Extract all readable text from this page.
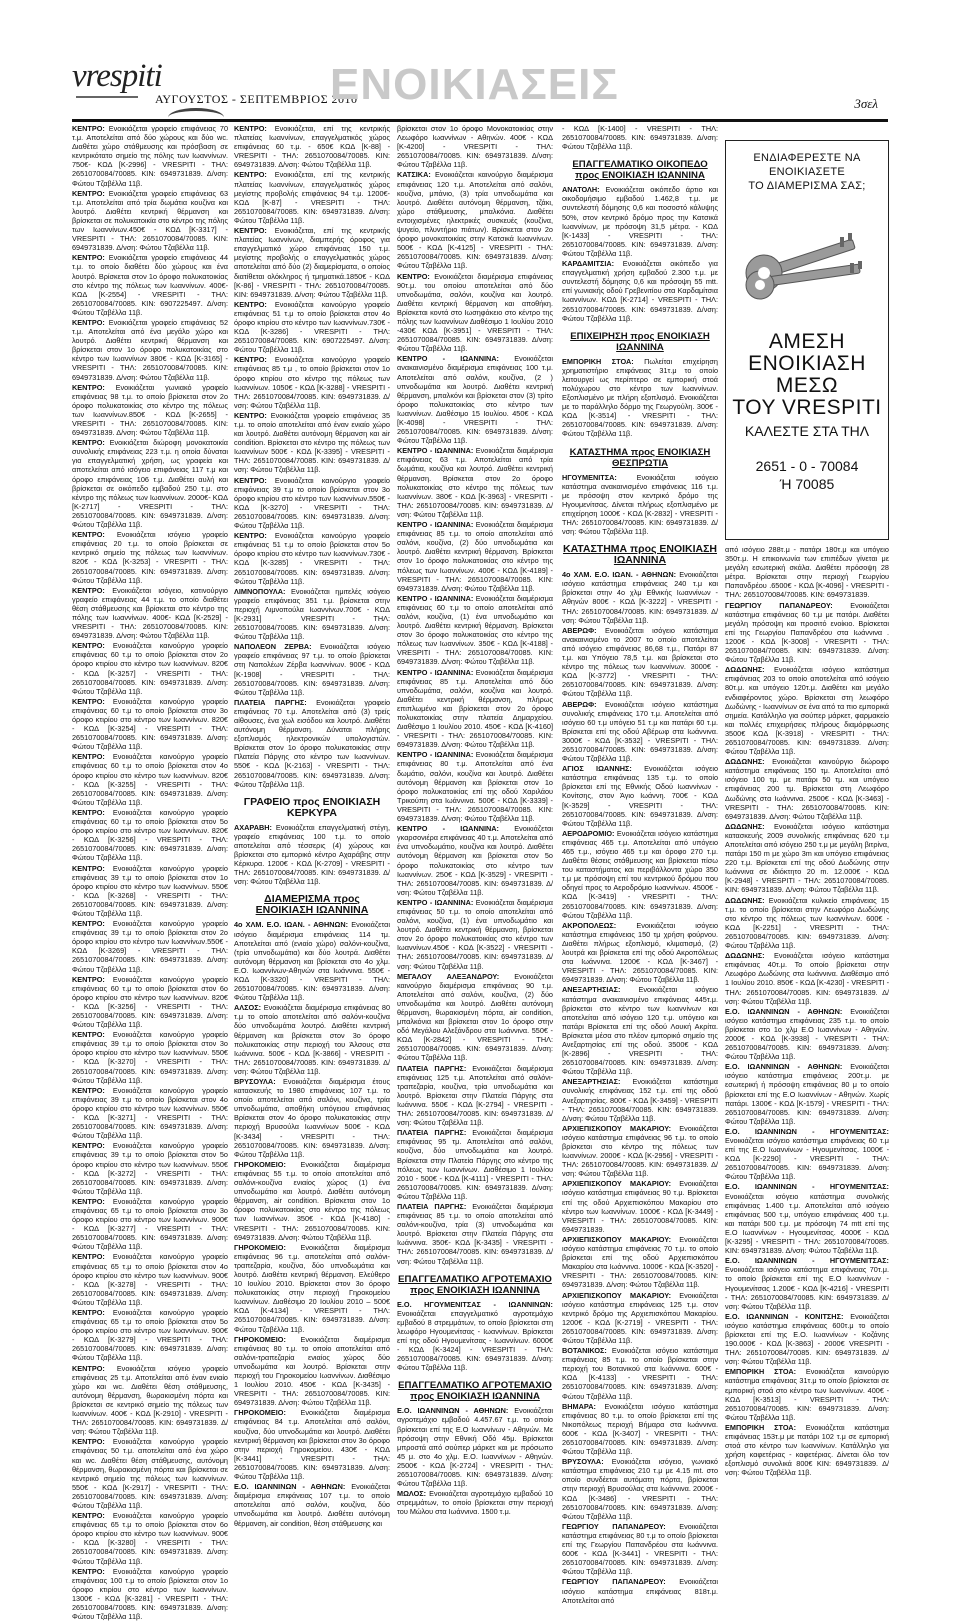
vrespiti
ΑΥΓΟΥΣΤΟΣ - ΣΕΠΤΕΜΒΡΙΟΣ 2010
ΕΝΟΙΚΙΑΣΕΙΣ	3σελ

ΚΕΝΤΡΟ: Ενοικιάζεται γραφείο επιφάνειας 70 τ.μ. Αποτελείται από δύο χώρους και δύο wc. Διαθέτει χώρο στάθμευσης και πρόσβαση σε κεντρικότατο σημείο της πόλης των Ιωαννίνων. 750€- ΚΩΔ [Κ-2996] - VRESPITI - ΤΗΛ: 2651070084/70085. ΚΙΝ: 6949731839. Δ/νση: Φώτου Τζαβέλλα 11β.

ΚΕΝΤΡΟ: Ενοικιάζεται γραφείο επιφάνειας 63 τ.μ. Αποτελείται από τρία δωμάτια κουζίνα και λουτρό. Διαθέτει κεντρική θέρμανση και βρίσκεται σε πολυκατοικία στο κέντρο της πόλης των Ιωαννίνων.450€ - ΚΩΔ [Κ-3317] - VRESPITI - ΤΗΛ: 2651070084/70085. ΚΙΝ: 6949731839. Δ/νση: Φώτου Τζαβέλλα 11β.

ΚΕΝΤΡΟ: Ενοικιάζεται γραφείο επιφάνειας 44 τ.μ. το οποίο διαθέτει δύο χώρους και ένα λουτρό. Βρίσκεται στον 1ο όροφο πολυκατοικίας στο κέντρο της πόλεως των Ιωαννίνων. 400€- ΚΩΔ [Κ-2554] - VRESPITI - ΤΗΛ: 2651070084/70085. ΚΙΝ: 6907225497. Δ/νση: Φώτου Τζαβέλλα 11β.

ΚΕΝΤΡΟ: Ενοικιάζεται γραφείο επιφάνειας 52 τ.μ. Αποτελείται από ένα μεγάλο χώρο και λουτρό. Διαθέτει κεντρική θέρμανση και βρίσκεται στον 1ο όροφο πολυκατοικίας στο κέντρο των Ιωαννίνων 380€ - ΚΩΔ [Κ-3165] - VRESPITI - ΤΗΛ: 2651070084/70085. ΚΙΝ: 6949731839. Δ/νση: Φώτου Τζαβέλλα 11β.

ΚΕΝΤΡΟ: Ενοικιάζεται γωνιακό γραφείο επιφάνειας 98 τ.μ. το οποίο βρίσκεται στον 2ο όροφο πολυκατοικίας στο κέντρο της πόλεως των Ιωαννίνων.850€ - ΚΩΔ [Κ-2655] - VRESPITI - ΤΗΛ: 2651070084/70085. ΚΙΝ: 6949731839. Δ/νση: Φώτου Τζαβέλλα 11β.

ΚΕΝΤΡΟ: Ενοικιάζεται διώροφη μονοκατοικία συνολικής επιφάνειας 223 τ.μ. η οποία δύναται για επαγγελματική χρήση, ως γραφεία και αποτελείται από ισόγειο επιφάνειας 117 τ.μ και όροφο επιφάνειας 106 τ.μ. Διαθέτει αυλή και βρίσκεται σε οικόπεδο εμβαδού 250 τ.μ. στο κέντρο της πόλεως των Ιωαννίνων. 2000€- ΚΩΔ [Κ-2717] - VRESPITI - ΤΗΛ: 2651070084/70085. ΚΙΝ: 6949731839. Δ/νση: Φώτου Τζαβέλλα 11β.

ΚΕΝΤΡΟ: Ενοικιάζεται ισόγειο γραφείο επιφάνειας 20 τ.μ. το οποίο βρίσκεται σε κεντρικό σημείο της πόλεως των Ιωαννίνων. 820€ - ΚΩΔ [Κ-3253] - VRESPITI - ΤΗΛ: 2651070084/70085. ΚΙΝ: 6949731839. Δ/νση: Φώτου Τζαβέλλα 11β.

ΚΕΝΤΡΟ: Ενοικιάζεται ισόγειο, κατινούργιο γραφείο επιφάνειας 44 τ.μ. το οποίο διαθέτει θέση στάθμευσης και βρίσκεται στο κέντρο της πόλης των Ιωαννίνων. 400€- ΚΩΔ [Κ-2529] - VRESPITI - ΤΗΛ: 2651070084/70085. ΚΙΝ: 6949731839. Δ/νση: Φώτου Τζαβέλλα 11β.

ΚΕΝΤΡΟ: Ενοικιάζεται καινούργιο γραφείο επιφάνειας 60 τ.μ το οποίο βρίσκεται στον 2ο όροφο κτιρίου στο κέντρο των Ιωαννίνων. 820€ - ΚΩΔ [Κ-3257] - VRESPITI - ΤΗΛ: 2651070084/70085. ΚΙΝ: 6949731839. Δ/νση: Φώτου Τζαβέλλα 11β.

ΚΕΝΤΡΟ: Ενοικιάζεται καινούργιο γραφείο επιφάνειας 60 τ.μ το οποίο βρίσκεται στον 3ο όροφο κτιρίου στο κέντρο των Ιωαννίνων. 820€ - ΚΩΔ [Κ-3254] - VRESPITI - ΤΗΛ: 2651070084/70085. ΚΙΝ: 6949731839. Δ/νση: Φώτου Τζαβέλλα 11β.

ΚΕΝΤΡΟ: Ενοικιάζεται καινούργιο γραφείο επιφάνειας 60 τ.μ το οποίο βρίσκεται στον 4ο όροφο κτιρίου στο κέντρο των Ιωαννίνων. 820€ - ΚΩΔ [Κ-3255] - VRESPITI - ΤΗΛ: 2651070084/70085. ΚΙΝ: 6949731839. Δ/νση: Φώτου Τζαβέλλα 11β.

ΚΕΝΤΡΟ: Ενοικιάζεται καινούργιο γραφείο επιφάνειας 60 τ.μ το οποίο βρίσκεται στον 5ο όροφο κτιρίου στο κέντρο των Ιωαννίνων. 820€ - ΚΩΔ [Κ-3256] - VRESPITI - ΤΗΛ: 2651070084/70085. ΚΙΝ: 6949731839. Δ/νση: Φώτου Τζαβέλλα 11β.

ΚΕΝΤΡΟ: Ενοικιάζεται καινούργιο γραφείο επιφάνειας 39 τ.μ το οποίο βρίσκεται στον 1ο όροφο κτιρίου στο κέντρο των Ιωαννίνων. 550€ - ΚΩΔ [Κ-3268] - VRESPITI - ΤΗΛ: 2651070084/70085. ΚΙΝ: 6949731839. Δ/νση: Φώτου Τζαβέλλα 11β.

ΚΕΝΤΡΟ: Ενοικιάζεται καινούργιο γραφείο επιφάνειας 39 τ.μ το οποίο βρίσκεται στον 2ο όροφο κτιρίου στο κέντρο των Ιωαννίνων.550€ - ΚΩΔ [Κ-3269] - VRESPITI - ΤΗΛ: 2651070084/70085. ΚΙΝ: 6949731839. Δ/νση: Φώτου Τζαβέλλα 11β.

ΚΕΝΤΡΟ: Ενοικιάζεται καινούργιο γραφείο επιφάνειας 60 τ.μ το οποίο βρίσκεται στον 6ο όροφο κτιρίου στο κέντρο των Ιωαννίνων. 820€ - ΚΩΔ [Κ-3256] - VRESPITI - ΤΗΛ: 2651070084/70085. ΚΙΝ: 6949731839. Δ/νση: Φώτου Τζαβέλλα 11β.

ΚΕΝΤΡΟ: Ενοικιάζεται καινούργιο γραφείο επιφάνειας 39 τ.μ το οποίο βρίσκεται στον 3ο όροφο κτιρίου στο κέντρο των Ιωαννίνων. 550€ - ΚΩΔ [Κ-3270] - VRESPITI - ΤΗΛ: 2651070084/70085. ΚΙΝ: 6949731839. Δ/νση: Φώτου Τζαβέλλα 11β.

ΚΕΝΤΡΟ: Ενοικιάζεται καινούργιο γραφείο επιφάνειας 39 τ.μ το οποίο βρίσκεται στον 4ο όροφο κτιρίου στο κέντρο των Ιωαννίνων. 550€ - ΚΩΔ [Κ-3271] - VRESPITI - ΤΗΛ: 2651070084/70085. ΚΙΝ: 6949731839. Δ/νση: Φώτου Τζαβέλλα 11β.

ΚΕΝΤΡΟ: Ενοικιάζεται καινούργιο γραφείο επιφάνειας 39 τ.μ το οποίο βρίσκεται στον 5ο όροφο κτιρίου στο κέντρο των Ιωαννίνων. 550€ - ΚΩΔ [Κ-3272] - VRESPITI - ΤΗΛ: 2651070084/70085. ΚΙΝ: 6949731839. Δ/νση: Φώτου Τζαβέλλα 11β.

ΚΕΝΤΡΟ: Ενοικιάζεται καινούργιο γραφείο επιφάνειας 65 τ.μ το οποίο βρίσκεται στον 3ο όροφο κτιρίου στο κέντρο των Ιωαννίνων. 900€ - ΚΩΔ [Κ-3277] - VRESPITI - ΤΗΛ: 2651070084/70085. ΚΙΝ: 6949731839. Δ/νση: Φώτου Τζαβέλλα 11β.

ΚΕΝΤΡΟ: Ενοικιάζεται καινούργιο γραφείο επιφάνειας 65 τ.μ το οποίο βρίσκεται στον 4ο όροφο κτιρίου στο κέντρο των Ιωαννίνων. 900€ - ΚΩΔ [Κ-3278] - VRESPITI - ΤΗΛ: 2651070084/70085. ΚΙΝ: 6949731839. Δ/νση: Φώτου Τζαβέλλα 11β.

ΚΕΝΤΡΟ: Ενοικιάζεται καινούργιο γραφείο επιφάνειας 65 τ.μ το οποίο βρίσκεται στον 5ο όροφο κτιρίου στο κέντρο των Ιωαννίνων. 900€ - ΚΩΔ [Κ-3279] - VRESPITI - ΤΗΛ: 2651070084/70085. ΚΙΝ: 6949731839. Δ/νση: Φώτου Τζαβέλλα 11β.

ΚΕΝΤΡΟ: Ενοικιάζεται ισόγειο γραφείο επιφάνειας 25 τ.μ. Αποτελείται από έναν ενιαίο χώρο και wc. Διαθέτει θέση στάθμευσης, αυτόνομη θέρμανση, θωρακισμένη πόρτα και βρίσκεται σε κεντρικό σημείο της πόλεως των Ιωαννίνων. 400€ - ΚΩΔ [Κ-2910] - VRESPITI - ΤΗΛ: 2651070084/70085. ΚΙΝ: 6949731839. Δ/νση: Φώτου Τζαβέλλα 11β.

ΚΕΝΤΡΟ: Ενοικιάζεται καινούργιο γραφείο επιφάνειας 50 τ.μ. αποτελείται από ένα χώρο και wc. Διαθέτει θέση στάθμευσης, αυτόνομη θέρμανση, θωρακισμένη πόρτα και βρίσκεται σε κεντρικό σημείο της πόλεως των Ιωαννίνων. 550€ - ΚΩΔ [Κ-2917] - VRESPITI - ΤΗΛ: 2651070084/70085. ΚΙΝ: 6949731839. Δ/νση: Φώτου Τζαβέλλα 11β.

ΚΕΝΤΡΟ: Ενοικιάζεται καινούργιο γραφείο επιφάνειας 65 τ.μ το οποίο βρίσκεται στον 6ο όροφο κτιρίου στο κέντρο των Ιωαννίνων. 900€ - ΚΩΔ [Κ-3280] - VRESPITI - ΤΗΛ: 2651070084/70085. ΚΙΝ: 6949731839. Δ/νση: Φώτου Τζαβέλλα 11β.

ΚΕΝΤΡΟ: Ενοικιάζεται καινούργιο γραφείο επιφάνειας 100 τ.μ το οποίο βρίσκεται στον 1ο όροφο κτιρίου στο κέντρο των Ιωαννίνων. 1300€ - ΚΩΔ [Κ-3281] - VRESPITI - ΤΗΛ: 2651070084/70085. ΚΙΝ: 6949731839. Δ/νση: Φώτου Τζαβέλλα 11β.

ΚΕΝΤΡΟ: Ενοικιάζεται, επί της κεντρικής πλατείας Ιωαννίνων, επαγγελματικός χώρος επιφάνειας 60 τ.μ. - 650€ ΚΩΔ [Κ-88] - VRESPITI - ΤΗΛ: 2651070084/70085. ΚΙΝ: 6949731839. Δ/νση: Φώτου Τζαβέλλα 11β.

ΚΕΝΤΡΟ: Ενοικιάζεται, επί της κεντρικής πλατείας Ιωαννίνων, επαγγελματικός χώρος μεγίστης προβολής επιφάνειας 94 τ.μ. 1200€- ΚΩΔ [Κ-87] - VRESPITI - ΤΗΛ: 2651070084/70085. ΚΙΝ: 6949731839. Δ/νση: Φώτου Τζαβέλλα 11β.

ΚΕΝΤΡΟ: Ενοικιάζεται, επί της κεντρικής πλατείας Ιωαννίνων, διαμπερής όροφος για επαγγελματικό χώρο επιφάνειας 150 τ.μ. μεγίστης προβολής ο επαγγελματικός χώρος αποτελείται από δύο (2) διαμερίσματα, ο οποίος διατίθεται ολόκληρος ή τμηματικά.1850€ - ΚΩΔ [Κ-86] - VRESPITI - ΤΗΛ: 2651070084/70085. ΚΙΝ: 6949731839. Δ/νση: Φώτου Τζαβέλλα 11β.

ΚΕΝΤΡΟ: Ενοικιάζεται καινούργιο γραφείο επιφάνειας 51 τ.μ το οποίο βρίσκεται στον 4ο όροφο κτιρίου στο κέντρο των Ιωαννίνων.730€ - ΚΩΔ [Κ-3286] - VRESPITI - ΤΗΛ: 2651070084/70085. ΚΙΝ: 6907225497. Δ/νση: Φώτου Τζαβέλλα 11β.

ΚΕΝΤΡΟ: Ενοικιάζεται καινούργιο γραφείο επιφάνειας 85 τ.μ , το οποίο βρίσκεται στον 1ο όροφο κτιρίου στο κέντρο της πόλεως των Ιωαννίνων. 1050€ - ΚΩΔ [Κ-3288] - VRESPITI - ΤΗΛ: 2651070084/70085. ΚΙΝ: 6949731839. Δ/νση: Φώτου Τζαβέλλα 11β.

ΚΕΝΤΡΟ: Ενοικιάζεται γραφείο επιφάνειας 35 τ.μ. το οποίο αποτελείται από έναν ενιαίο χώρο και λουτρό. Διαθέτει αυτόνομη θέρμανση και air condition. Βρίσκεται στο κέντρο της πόλεως των Ιωαννίνων 500€ - ΚΩΔ [Κ-3395] - VRESPITI - ΤΗΛ: 2651070084/70085. ΚΙΝ: 6949731839. Δ/νση: Φώτου Τζαβέλλα 11β.

ΚΕΝΤΡΟ: Ενοικιάζεται καινούργιο γραφείο επιφάνειας 39 τ.μ το οποίο βρίσκεται στον 3ο όροφο κτιρίου στο κέντρο των Ιωαννίνων.550€ - ΚΩΔ [Κ-3270] - VRESPITI - ΤΗΛ: 2651070084/70085. ΚΙΝ: 6949731839. Δ/νση: Φώτου Τζαβέλλα 11β.

ΚΕΝΤΡΟ: Ενοικιάζεται καινούργιο γραφείο επιφάνειας 51 τ.μ το οποίο βρίσκεται στον 5ο όροφο κτιρίου στο κέντρο των Ιωαννίνων.730€ - ΚΩΔ [Κ-3285] - VRESPITI - ΤΗΛ: 2651070084/70085. ΚΙΝ: 6949731839. Δ/νση: Φώτου Τζαβέλλα 11β.

ΛΙΜΝΟΠΟΥΛΑ: Ενοικιάζεται ημιτελές ισόγειο γραφείο επιφάνειας 351 τ.μ. βρίσκεται στην περιοχή Λιμνοπούλα Ιωαννίνων.700€ - ΚΩΔ [Κ-2931] - VRESPITI - ΤΗΛ: 2651070084/70085. ΚΙΝ: 6949731839. Δ/νση: Φώτου Τζαβέλλα 11β.

ΝΑΠΟΛΕΟΝ ΖΕΡΒΑ: Ενοικιάζεται ισόγειο γραφείο επιφάνειας 97 τ.μ. το οποίο βρίσκεται στη Ναπολέων Ζέρβα Ιωαννίνων. 900€ - ΚΩΔ [Κ-1908] - VRESPITI - ΤΗΛ: 2651070084/70085. ΚΙΝ: 6949731839. Δ/νση: Φώτου Τζαβέλλα 11β.

ΠΛΑΤΕΙΑ ΠΑΡΓΗΣ: Ενοικιάζεται γραφείο επιφάνειας 70 τ.μ. Αποτελείται από (3) τρείς αίθουσες, ένα χωλ εισόδου και λουτρό. Διαθέτει αυτόνομη θέρμανση. Δύναται πλήρης εξοπλισμός ηλεκτρονικών υπολογιστών. Βρίσκεται στον 1ο όροφο πολυκατοικίας στην Πλατεία Πάργης στο κέντρο των Ιωαννίνων. 550€ - ΚΩΔ [Κ-2163] - VRESPITI - ΤΗΛ: 2651070084/70085. ΚΙΝ: 6949731839. Δ/νση: Φώτου Τζαβέλλα 11β.

ΓΡΑΦΕΙΟ προς ΕΝΟΙΚΙΑΣΗ ΚΕΡΚΥΡΑ

ΑΧΑΡΑΒΗ: Ενοικιάζεται επαγγελματική στέγη, γραφείο επιφάνειας 100 τ.μ. το οποίο αποτελείται από τέσσερις (4) χώρους και βρίσκεται στο εμπορικό κέντρο Αχαράβης στην Κέρκυρα. 1200€ - ΚΩΔ [Κ-2709] - VRESPITI - ΤΗΛ: 2651070084/70085. ΚΙΝ: 6949731839. Δ/νση: Φώτου Τζαβέλλα 11β.

ΔΙΑΜΕΡΙΣΜΑ προς ΕΝΟΙΚΙΑΣΗ ΙΩΑΝΝΙΝΑ

4ο ΧΛΜ. Ε.Ο. ΙΩΑΝ. - ΑΘΗΝΩΝ: Ενοικιάζεται ισόγειο διαμέρισμα επιφάνειας 114 τμ. Αποτελείται από (ενιαίο χώρο) σαλόνι-κουζίνα, (τρία υπνοδωμάτια) και δύο λουτρά. Διαθέτει αυτόνομη θέρμανση και βρίσκεται στο 4ο χλμ. Ε.Ο. Ιωαννίνων-Αθηνών στα Ιωάννινα. 550€ - ΚΩΔ [Κ-3320] - VRESPITI - ΤΗΛ: 2651070084/70085. ΚΙΝ: 6949731839. Δ/νση: Φώτου Τζαβέλλα 11β.

ΑΛΣΟΣ: Ενοικιάζεται διαμέρισμα επιφάνειας 80 τ.μ το οποίο αποτελείται από σαλόνι-κουζίνα δύο υπνοδωμάτια λουτρό. Διαθέτει κεντρική θέρμανση και βρίσκεται στον 3ο όροφο πολυκατοικίας στην περιοχή του Άλσους στα Ιωάννινα. 500€ - ΚΩΔ [Κ-3866] - VRESPITI - ΤΗΛ: 2651070084/70085. ΚΙΝ: 6949731839. Δ/νση: Φώτου Τζαβέλλα 11β.

ΒΡΥΣΟΥΛΑ: Ενοικιάζεται διαμέρισμα έτους κατασκευής το 1980 επιφάνειας 107 τ.μ. το οποίο αποτελείται από σαλόνι, κουζίνα, τρία υπνοδωμάτια, αποθήκη υπόγειου επιφάνειας Βρίσκεται στον 4ο όροφο πολυκατοικίας στην περιοχή Βρυσούλα Ιωαννίνων 500€ - ΚΩΔ [Κ-3434] - VRESPITI - ΤΗΛ: 2651070084/70085. ΚΙΝ: 6949731839. Δ/νση: Φώτου Τζαβέλλα 11β.

ΓΗΡΟΚΟΜΕΙΟ: Ενοικιάζεται διαμέρισμα επιφάνειας 55 τ.μ. το οποίο αποτελείται από σαλόνι-κουζίνα ενιαίος χώρος (1) ένα υπνοδωμάτιο και λουτρό. Διαθέτει αυτόνομη θέρμανση, air condition. Βρίσκεται στον 1ο όροφο πολυκατοικίας στο κέντρο της πόλεως των Ιωαννίνων. 350€ - ΚΩΔ [Κ-4180] - VRESPITI - ΤΗΛ: 2651070084/70085. ΚΙΝ: 6949731839. Δ/νση: Φώτου Τζαβέλλα 11β.

ΓΗΡΟΚΟΜΕΙΟ: Ενοικιάζεται διαμέρισμα επιφάνειας 96 τ.μ. αποτελείται από σαλόνι-τραπεζαρία, κουζίνα, δύο υπνοδωμάτια και λουτρό. Διαθέτει κεντρική θέρμανση. Ελεύθερο 10 Ιουλίου 2010. Βρίσκεται στον 3ο όροφο πολυκατοικίας στην περιοχή Γηροκομείου Ιωαννίνων. Διαθέσιμο 20 Ιουλίου 2010 – 500€ ΚΩΔ [Κ-4134] - VRESPITI - ΤΗΛ: 2651070084/70085. ΚΙΝ: 6949731839. Δ/νση: Φώτου Τζαβέλλα 11β.

ΓΗΡΟΚΟΜΕΙΟ: Ενοικιάζεται διαμέρισμα επιφάνειας 80 τ.μ. το οποίο αποτελείται από σαλόνι-τραπεζαρία ενιαίος χώρος δύο υπνοδωμάτια και λουτρό. Βρίσκεται στην περιοχή του Γηροκομείου Ιωαννίνων. Διαθέσιμο 1 Ιουλίου 2010. 450€ - ΚΩΔ [Κ-3435] - VRESPITI - ΤΗΛ: 2651070084/70085. ΚΙΝ: 6949731839. Δ/νση: Φώτου Τζαβέλλα 11β.

ΓΗΡΟΚΟΜΕΙΟ: Ενοικιάζεται διαμέρισμα επιφάνειας 84 τ.μ. Αποτελείται από σαλόνι, κουζίνα, δύο υπνοδωμάτια και λουτρό. Διαθέτει κεντρική θέρμανση και βρίσκεται στον 3ο όροφο στην περιοχή Γηροκομείου. 430€ - ΚΩΔ [Κ-3441] - VRESPITI - ΤΗΛ: 2651070084/70085. ΚΙΝ: 6949731839. Δ/νση: Φώτου Τζαβέλλα 11β.

Ε.Ο. ΙΩΑΝΝΙΝΩΝ - ΑΘΗΝΩΝ: Ενοικιάζεται διαμέρισμα επιφάνειας 107 τ.μ. το οποίο αποτελείται από σαλόνι, κουζίνα, δύο υπνοδωμάτια και λουτρό. Διαθέτει αυτόνομη θέρμανση, air condition, θέση στάθμευσης και

βρίσκεται στον 1ο όροφο Μονοκατοικίας στην Λεωφόρο Ιωαννίνων - Αθηνών. 400€ - ΚΩΔ [Κ-4200] - VRESPITI - ΤΗΛ: 2651070084/70085. ΚΙΝ: 6949731839. Δ/νση: Φώτου Τζαβέλλα 11β.

ΚΑΤΣΙΚΑ: Ενοικιάζεται καινούργιο διαμέρισμα επιφάνειας 120 τ.μ. Αποτελείται από σαλόνι, κουζίνα, μπάνιο, (3) τρία υπνοδωμάτια και λουτρό. Διαθέτει αυτόνομη θέρμανση, τζάκι, χώρο στάθμευσης, μπαλκόνια. Διαθέτει εντοιχισμένες ηλεκτρικές συσκευές (κουζίνα, ψυγείο, πλυντήριο πιάτων). Βρίσκεται στον 2ο όροφο μονοκατοικίας στην Κατσικά Ιωαννίνων. 500€ - ΚΩΔ [Κ-4125] - VRESPITI - ΤΗΛ: 2651070084/70085. ΚΙΝ: 6949731839. Δ/νση: Φώτου Τζαβέλλα 11β.

ΚΕΝΤΡΟ: Ενοικιάζεται διαμέρισμα επιφάνειας 90τ.μ. του οποίου αποτελείται από δύο υπνοδωμάτια, σαλόνι, κουζίνα και λουτρό. Διαθέτει κεντρική θέρμανση και αποθήκη. Βρίσκεται κοντά στο Ιωσηφάκειο στο κέντρο της πόλης των Ιωαννίνων Διαθέσιμο 1 Ιουλίου 2010 -430€ ΚΩΔ [Κ-3951] - VRESPITI - ΤΗΛ: 2651070084/70085. ΚΙΝ: 6949731839. Δ/νση: Φώτου Τζαβέλλα 11β.

ΚΕΝΤΡΟ - ΙΩΑΝΝΙΝΑ: Ενοικιάζεται ανακαινισμένο διαμέρισμα επιφάνειας 100 τ.μ. Αποτελείται από σαλόνι, κουζίνα, (2 ) υπνοδωμάτια και λουτρό. Διαθέτει κεντρική θέρμανση, μπαλκόνι και βρίσκεται στον (3) τρίτο όροφο πολυκατοικίας στο κέντρο των Ιωαννίνων. Διαθέσιμο 15 Ιουλίου. 450€ - ΚΩΔ [Κ-4098] - VRESPITI - ΤΗΛ: 2651070084/70085. ΚΙΝ: 6949731839. Δ/νση: Φώτου Τζαβέλλα 11β.

ΚΕΝΤΡΟ - ΙΩΑΝΝΙΝΑ: Ενοικιάζεται διαμέρισμα επιφάνειας 63 τ.μ. Αποτελείται από τρία δωμάτια, κουζίνα και λουτρό. Διαθέτει κεντρική θέρμανση. Βρίσκεται στον 2ο όροφο πολυκατοικίας στο κέντρο της πόλεως των Ιωαννίνων. 380€ - ΚΩΔ [Κ-3963] - VRESPITI - ΤΗΛ: 2651070084/70085. ΚΙΝ: 6949731839. Δ/νση: Φώτου Τζαβέλλα 11β.

ΚΕΝΤΡΟ - ΙΩΑΝΝΙΝΑ: Ενοικιάζεται διαμέρισμα επιφάνειας 85 τ.μ. το οποίο αποτελείται από σαλόνι, κουζίνα, (2) δύο υπνοδωμάτια και λουτρό. Διαθέτει κεντρική θέρμανση. Βρίσκεται στον 1ο όροφο πολυκατοικίας στο κέντρο της πόλεως των Ιωαννίνων. 400€ - ΚΩΔ [Κ-4189] - VRESPITI - ΤΗΛ: 2651070084/70085. ΚΙΝ: 6949731839. Δ/νση: Φώτου Τζαβέλλα 11β.

ΚΕΝΤΡΟ - ΙΩΑΝΝΙΝΑ: Ενοικιάζεται διαμέρισμα επιφάνειας 60 τ.μ το οποίο αποτελείται από σαλόνι, κουζίνα, (1) ένα υπνοδωμάτιο και λουτρό. Διαθέτει κεντρική θέρμανση. Βρίσκεται στον 3ο όροφο πολυκατοικίας στο κέντρο της πόλεως των Ιωαννίνων. 350€ - ΚΩΔ [Κ-4188] - VRESPITI - ΤΗΛ: 2651070084/70085. ΚΙΝ: 6949731839. Δ/νση: Φώτου Τζαβέλλα 11β.

ΚΕΝΤΡΟ - ΙΩΑΝΝΙΝΑ: Ενοικιάζεται διαμέρισμα επιφάνειας 85 τ.μ. Αποτελείται από δύο υπνοδωμάτια, σαλόνι, κουζίνα και λουτρό. Διαθέτει κεντρική θέρμανση, πλήρως επιπλωμένο και βρίσκεται στον 2ο όροφο πολυκατοικίας στην πλατεία Δημαρχείου. Διαθέσιμο 1 Ιουλίου 2010. 450€ - ΚΩΔ [Κ-4160] - VRESPITI - ΤΗΛ: 2651070084/70085. ΚΙΝ: 6949731839. Δ/νση: Φώτου Τζαβέλλα 11β.

ΚΕΝΤΡΟ - ΙΩΑΝΝΙΝΑ: Ενοικιάζεται διαμέρισμα επιφάνειας 80 τ.μ. Αποτελείται από ένα δωμάτιο, σαλόνι, κουζίνα και λουτρό. Διαθέτει αυτόνομη θέρμανση και βρίσκεται στον 1ο όροφο πολυκατοικίας επί της οδού Χαριλάου Τρικούπη στα Ιωάννινα. 500€ - ΚΩΔ [Κ-3339] - VRESPITI - ΤΗΛ: 2651070084/70085. ΚΙΝ: 6949731839. Δ/νση: Φώτου Τζαβέλλα 11β.

ΚΕΝΤΡΟ - ΙΩΑΝΝΙΝΑ: Ενοικιάζεται γκαρσονιέρα επιφάνειας 40 τ.μ. Αποτελείται από ένα υπνοδωμάτιο, κουζίνα και λουτρό. Διαθέτει αυτόνομη θέρμανση και βρίσκεται στον 5ο όροφο πολυκατοικίας στο κέντρο των Ιωαννίνων. 250€ - ΚΩΔ [Κ-3529] - VRESPITI - ΤΗΛ: 2651070084/70085. ΚΙΝ: 6949731839. Δ/νση: Φώτου Τζαβέλλα 11β.

ΚΕΝΤΡΟ - ΙΩΑΝΝΙΝΑ: Ενοικιάζεται διαμέρισμα επιφάνειας 50 τ.μ. το οποίο αποτελείται από σαλόνι, κουζίνα, (1) ένα υπνοδωμάτιο και λουτρό. Διαθέτει κεντρική θέρμανση, βρίσκεται στον 2ο όροφο πολυκατοικίας στο κέντρο των Ιωαννίνων.450€ - ΚΩΔ [Κ-3522] - VRESPITI - ΤΗΛ: 2651070084/70085. ΚΙΝ: 6949731839. Δ/νση: Φώτου Τζαβέλλα 11β.

ΜΕΓΑΛΟΥ ΑΛΕΞΑΝΔΡΟΥ: Ενοικιάζεται καινούργιο διαμέρισμα επιφάνειας 90 τ.μ. Αποτελείται από σαλόνι, κουζίνα, (2) δύο υπνοδωμάτια και λουτρό. Διαθέτει αυτόνομη θέρμανση, θωρακισμένη πόρτα, air condition, μπαλκόνια και βρίσκεται στον 1ο όροφο στην οδό Μεγάλου Αλεξάνδρου στα Ιωάννινα. 550€ - ΚΩΔ [Κ-2842] - VRESPITI - ΤΗΛ: 2651070084/70085. ΚΙΝ: 6949731839. Δ/νση: Φώτου Τζαβέλλα 11β.

ΠΛΑΤΕΙΑ ΠΑΡΓΗΣ: Ενοικιάζεται διαμέρισμα επιφάνειας 125 τ.μ. Αποτελείται από σαλόνι-τραπεζαρία, κουζίνα, τρία υπνοδωμάτια και λουτρό. Βρίσκεται στην Πλατεία Πάργης στα Ιωάννινα. 550€ - ΚΩΔ [Κ-2794] - VRESPITI - ΤΗΛ: 2651070084/70085. ΚΙΝ: 6949731839. Δ/νση: Φώτου Τζαβέλλα 11β.

ΠΛΑΤΕΙΑ ΠΑΡΓΗΣ: Ενοικιάζεται διαμέρισμα επιφάνειας 95 τμ. Αποτελείται από σαλόνι, κουζίνα, δύο υπνοδωμάτια και λουτρό. Βρίσκεται στην Πλατεία Πάργης στο κέντρο της πόλεως των Ιωαννίνων. Διαθέσιμο 1 Ιουλίου 2010 - 500€ - ΚΩΔ [Κ-4111] - VRESPITI - ΤΗΛ: 2651070084/70085. ΚΙΝ: 6949731839. Δ/νση: Φώτου Τζαβέλλα 11β.

ΠΛΑΤΕΙΑ ΠΑΡΓΗΣ: Ενοικιάζεται διαμέρισμα επιφάνειας 85 τ.μ. το οποίο αποτελείται από σαλόνι-κουζίνα, τρία (3) υπνοδωμάτια και λουτρό. Βρίσκεται στην Πλατεία Πάργης στα Ιωάννινα. 350€- ΚΩΔ [Κ-3435] - VRESPITI - ΤΗΛ: 2651070084/70085. ΚΙΝ: 6949731839. Δ/νση: Φώτου Τζαβέλλα 11β.

ΕΠΑΓΓΕΛΜΑΤΙΚΟ ΑΓΡΟΤΕΜΑΧΙΟ προς ΕΝΟΙΚΙΑΣΗ ΙΩΑΝΝΙΝΑ

Ε.Ο. ΗΓΟΥΜΕΝΙΤΣΑΣ - ΙΩΑΝΝΙΝΩΝ: Ενοικιάζεται επαγγελματικό αγροτεμάχιο εμβαδού 8 στρεμμάτων, το οποίο βρίσκεται στη λεωφόρο Ηγουμενίτσας - Ιωαννίνων. Βρίσκεται επί της οδού Ηγουμενίτσας - Ιωαννίνων. 6000€ - ΚΩΔ [Κ-3424] - VRESPITI - ΤΗΛ: 2651070084/70085. ΚΙΝ: 6949731839. Δ/νση: Φώτου Τζαβέλλα 11β.

ΕΠΑΓΓΕΛΜΑΤΙΚΟ ΑΓΡΟΤΕΜΑΧΙΟ προς ΕΝΟΙΚΙΑΣΗ ΙΩΑΝΝΙΝΑ

Ε.Ο. ΙΩΑΝΝΙΝΩΝ - ΑΘΗΝΩΝ: Ενοικιάζεται αγροτεμάχιο εμβαδού 4.457.67 τ.μ. το οποίο βρίσκεται επί της Ε.Ο Ιωαννίνων - Αθηνών. Με πρόσοψη στην Εθνική Οδό 45μ. Βρίσκεται μπροστά από σούπερ μάρκετ και με πρόσωπο 45 μ. στο 4ο χλμ. Ε.Ο. Ιωαννίνων - Αθηνών. 2500€ - ΚΩΔ [Κ-2724] - VRESPITI - ΤΗΛ: 2651070084/70085. ΚΙΝ: 6949731839. Δ/νση: Φώτου Τζαβέλλα 11β.

ΜΩΛΟΣ: Ενοικιάζεται αγροτεμάχιο εμβαδού 10 στρεμμάτων, το οποίο βρίσκεται στην περιοχή του Μώλου στα Ιωάννινα. 1500 τ.μ.

- ΚΩΔ [Κ-1400] - VRESPITI - ΤΗΛ: 2651070084/70085. ΚΙΝ: 6949731839. Δ/νση: Φώτου Τζαβέλλα 11β.

ΕΠΑΓΓΕΛΜΑΤΙΚΟ ΟΙΚΟΠΕΔΟ προς ΕΝΟΙΚΙΑΣΗ ΙΩΑΝΝΙΝΑ

ΑΝΑΤΟΛΗ: Ενοικιάζεται οικόπεδο άρτιο και οικοδομήσιμο εμβαδού 1.462,8 τ.μ. με συντελεστή δόμησης 0,6 και ποσοστό κάλυψης 50%, στον κεντρικό δρόμο προς την Κατσικά Ιωαννίνων, με πρόσοψη 31,5 μέτρα. - ΚΩΔ [Κ-1433] - VRESPITI - ΤΗΛ: 2651070084/70085. ΚΙΝ: 6949731839. Δ/νση: Φώτου Τζαβέλλα 11β.

ΚΑΡΔΑΜΙΤΣΙΑ: Ενοικιάζεται οικόπεδο για επαγγελματική χρήση εμβαδού 2.300 τ.μ. με συντελεστή δόμησης 0,6 και πρόσοψη 55 mtt. επί γωνιακής οδού Γρεβενιτίου στα Καρδαμίτσια Ιωαννίνων. ΚΩΔ [Κ-2714] - VRESPITI - ΤΗΛ: 2651070084/70085. ΚΙΝ: 6949731839. Δ/νση: Φώτου Τζαβέλλα 11β.

ΕΠΙΧΕΙΡΗΣΗ προς ΕΝΟΙΚΙΑΣΗ ΙΩΑΝΝΙΝΑ

ΕΜΠΟΡΙΚΗ ΣΤΟΑ: Πωλείται επιχείρηση χρηματιστήριο επιφάνειας 31τ.μ το οποίο λειτουργεί ως περίπτερο σε εμπορική στοά πολύχωρου στο κέντρο των Ιωαννίνων. Εξοπλισμένο με πλήρη εξοπλισμό. Ενοικιάζεται με το παράλληλο δόρμο της Γεωργούλη. 300€ - ΚΩΔ [Κ-3514] - VRESPITI - ΤΗΛ: 2651070084/70085. ΚΙΝ: 6949731839. Δ/νση: Φώτου Τζαβέλλα 11β.

ΚΑΤΑΣΤΗΜΑ προς ΕΝΟΙΚΙΑΣΗ ΘΕΣΠΡΩΤΙΑ

ΗΓΟΥΜΕΝΙΤΣΑ: Ενοικιάζεται ισόγειο κατάστημα ανακαινισμένο επιφάνειας 116 τ.μ. με πρόσοψη στον κεντρικό δρόμο της Ηγουμενίτσας. Δίνεται πλήρως εξοπλισμένο με επιχείρηση 1000€ - ΚΩΔ [Κ-2832] - VRESPITI - ΤΗΛ: 2651070084/70085. ΚΙΝ: 6949731839. Δ/νση: Φώτου Τζαβέλλα 11β.

ΚΑΤΑΣΤΗΜΑ προς ΕΝΟΙΚΙΑΣΗ ΙΩΑΝΝΙΝΑ

4ο ΧΛΜ. Ε.Ο. ΙΩΑΝ. - ΑΘΗΝΩΝ: Ενοικιάζεται ισόγειο κατάστημα επιφάνειας 240 τ.μ και βρίσκεται στην 4ο χλμ Εθνικής Ιωαννίνων - Αθηνών 800€ - ΚΩΔ [Κ-3222] - VRESPITI - ΤΗΛ: 2651070084/70085. ΚΙΝ: 6949731839. Δ/νση: Φώτου Τζαβέλλα 11β.

ΑΒΕΡΩΦ: Ενοικιάζεται ισόγειο κατάστημα ανακαινισμένο το 2007 το οποίο αποτελείται από ισόγειο επιφάνειας 86,68 τ.μ., Πατάρι 87 τ.μ. και Υπόγειο 78,5 τ.μ. και βρίσκεται στο κέντρο της πόλεως των Ιωαννίνων. 3000€ - ΚΩΔ [Κ-3772] - VRESPITI - ΤΗΛ: 2651070084/70085. ΚΙΝ: 6949731839. Δ/νση: Φώτου Τζαβέλλα 11β.

ΑΒΕΡΩΦ: Ενοικιάζεται ισόγειο κατάστημα συνολικής επιφάνειας 170 τ.μ. Αποτελείται από ισόγειο 60 τ.μ υπόγειο 51 τ.μ και πατάρι 60 τ.μ. Βρίσκεται επί της οδού Αβέρωφ στα Ιωάννινα. 3000€ - ΚΩΔ [Κ-3532] - VRESPITI - ΤΗΛ: 2651070084/70085. ΚΙΝ: 6949731839. Δ/νση: Φώτου Τζαβέλλα 11β.

ΑΓΙΟΣ ΙΩΑΝΝΗΣ: Ενοικιάζεται ισόγειο κατάστημα επιφάνειας 135 τ.μ. το οποίο βρίσκεται επί της Εθνικής Οδού Ιωαννίνων - Κονίτσης, στον Άγιο Ιωάννη. 700€ - ΚΩΔ [Κ-3529] - VRESPITI - ΤΗΛ: 2651070084/70085. ΚΙΝ: 6949731839. Δ/νση: Φώτου Τζαβέλλα 11β.

ΑΕΡΟΔΡΟΜΙΟ: Ενοικιάζεται ισόγειο κατάστημα επιφάνειας 465 τ.μ. Αποτελείται από υπόγειο 465 τ.μ., ισόγειο 465 τ.μ και όροφο 270 τ.μ. Διαθέτει θέσεις στάθμευσης και βρίσκεται πίσω του καταστήματος και περιβάλλοντα χώρο 350 τ.μ με πρόσοψη επί του κεντρικού δρόμου που οδηγεί προς το Αεροδρόμιο Ιωαννίνων. 4500€ - ΚΩΔ [Κ-3419] - VRESPITI - ΤΗΛ: 2651070084/70085. ΚΙΝ: 6949731839. Δ/νση: Φώτου Τζαβέλλα 11β.

ΑΚΡΟΠΟΛΕΩΣ: Ενοικιάζεται ισόγειο κατάστημα επιφάνειας 150 τμ χρήση φούρνου. Διαθέτει πλήρως εξοπλισμό, κλιματισμό, (2) λουτρά και βρίσκεται επί της οδού Ακροπόλεως στα Ιωάννινα. 1200€ - ΚΩΔ [Κ-3467] - VRESPITI - ΤΗΛ: 2651070084/70085. ΚΙΝ: 6949731839. Δ/νση: Φώτου Τζαβέλλα 11β.

ΑΝΕΞΑΡΤΗΣΙΑΣ: Ενοικιάζεται ισόγειο κατάστημα ανακαινισμένο επιφάνειας 445τ.μ. βρίσκεται στο κέντρο των Ιωαννίνων και αποτελείται από ισόγειο 120 τ.μ. υπόγειο και πατάρι Βρίσκεται επί της οδού Λουκή Ακρίτα. Βρίσκεται μέσα στο πλέον εμπορικό σημείο της Ανεξαρτησίας επί της οδού. 3500€ - ΚΩΔ [Κ-2896] - VRESPITI - ΤΗΛ: 2651070084/70085. ΚΙΝ: 6949731839. Δ/νση: Φώτου Τζαβέλλα 11β.

ΑΝΕΞΑΡΤΗΣΙΑΣ: Ενοικιάζεται κατάστημα συνολικής επιφάνειας 152 τ.μ. επί της οδού Ανεξαρτησίας. 800€ - ΚΩΔ [Κ-3459] - VRESPITI - ΤΗΛ: 2651070084/70085. ΚΙΝ: 6949731839. Δ/νση: Φώτου Τζαβέλλα 11β.

ΑΡΧΙΕΠΙΣΚΟΠΟΥ ΜΑΚΑΡΙΟΥ: Ενοικιάζεται ισόγειο κατάστημα επιφάνειας 96 τ.μ. το οποίο βρίσκεται στο κέντρο της πόλεως των Ιωαννίνων. 2000€ - ΚΩΔ [Κ-2956] - VRESPITI - ΤΗΛ: 2651070084/70085. ΚΙΝ: 6949731839. Δ/νση: Φώτου Τζαβέλλα 11β.

ΑΡΧΙΕΠΙΣΚΟΠΟΥ ΜΑΚΑΡΙΟΥ: Ενοικιάζεται ισόγειο κατάστημα επιφάνειας 90 τ.μ. Βρίσκεται επί της οδού Αρχιεπισκόπου Μακαρίου στο κέντρο των Ιωαννίνων. 1000€ - ΚΩΔ [Κ-3449] - VRESPITI - ΤΗΛ: 2651070084/70085. ΚΙΝ: 6949731839.

ΑΡΧΙΕΠΙΣΚΟΠΟΥ ΜΑΚΑΡΙΟΥ: Ενοικιάζεται ισόγειο κατάστημα επιφάνειας 70 τ.μ. το οποίο βρίσκεται επί της οδού Αρχιεπισκόπου Μακαρίου στα Ιωάννινα. 1000€ - ΚΩΔ [Κ-3520] - VRESPITI - ΤΗΛ: 2651070084/70085. ΚΙΝ: 6949731839. Δ/νση: Φώτου Τζαβέλλα 11β.

ΑΡΧΙΕΠΙΣΚΟΠΟΥ ΜΑΚΑΡΙΟΥ: Ενοικιάζεται ισόγειο κατάστημα επιφάνειας 125 τ.μ. στον κεντρικό δρόμο της Αρχιεπισκόπου Μακαρίου. 1200€ - ΚΩΔ [Κ-2719] - VRESPITI - ΤΗΛ: 2651070084/70085. ΚΙΝ: 6949731839. Δ/νση: Φώτου Τζαβέλλα 11β.

ΒΟΤΑΝΙΚΟΣ: Ενοικιάζεται ισόγειο κατάστημα επιφάνειας 85 τ.μ. το οποίο βρίσκεται στην περιοχή του Βοτανικού στα Ιωάννινα. 600€ - ΚΩΔ [Κ-4133] - VRESPITI - ΤΗΛ: 2651070084/70085. ΚΙΝ: 6949731839. Δ/νση: Φώτου Τζαβέλλα 11β.

ΒΗΜΑΡΑ: Ενοικιάζεται ισόγειο κατάστημα επιφάνειας 80 τ.μ. το οποίο βρίσκεται επί της Νικοπόλεως περιοχή Βήμαρα στα Ιωάννινα. 600€ - ΚΩΔ [Κ-3407] - VRESPITI - ΤΗΛ: 2651070084/70085. ΚΙΝ: 6949731839. Δ/νση: Φώτου Τζαβέλλα 11β.

ΒΡΥΣΟΥΛΑ: Ενοικιάζεται ισόγειο, γωνιακό κατάστημα επιφάνειας 210 τ.μ με 4.15 mt. στο οποίο συνδέεται αυτόματη πόρτα, βρίσκεται στην περιοχή Βρυσούλας στα Ιωάννινα. 2000€ - ΚΩΔ [Κ-3486] - VRESPITI - ΤΗΛ: 2651070084/70085. ΚΙΝ: 6949731839. Δ/νση: Φώτου Τζαβέλλα 11β.

ΓΕΩΡΓΙΟΥ ΠΑΠΑΝΔΡΕΟΥ: Ενοικιάζεται κατάστημα επιφάνειας 80 τ.μ το οποίο βρίσκεται επί της Γεωργίου Παπανδρέου στα Ιωάννινα. 600€ - ΚΩΔ [Κ-3441] - VRESPITI - ΤΗΛ: 2651070084/70085. ΚΙΝ: 6949731839. Δ/νση: Φώτου Τζαβέλλα 11β.

ΓΕΩΡΓΙΟΥ ΠΑΠΑΝΔΡΕΟΥ: Ενοικιάζεται ισόγειο κατάστημα επιφάνειας 818τ.μ. Αποτελείται από

ΕΝΔΙΑΦΕΡΕΣΤΕ ΝΑ
ΕΝΟΙΚΙΑΣΕΤΕ
ΤΟ ΔΙΑΜΕΡΙΣΜΑ ΣΑΣ;
ΑΜΕΣΗ
ΕΝΟΙΚΙΑΣΗ
ΜΕΣΩ
ΤΟΥ VRESPITI
ΚΑΛΕΣΤΕ ΣΤΑ ΤΗΛ
2651 - 0 - 70084
Ή 70085

από ισόγειο 288τ.μ - πατάρι 180τ.μ και υπόγειο 350τ.μ. Η επικοινωνία των επιπέδων γίνεται με μεγάλη εσωτερική σκάλα. Διαθέτει πρόσοψη 28 μέτρα. Βρίσκεται στην περιοχή Γεωργίου Παπανδρέου .6500€ - ΚΩΔ [Κ-4096] - VRESPITI - ΤΗΛ: 2651070084/70085. ΚΙΝ: 6949731839.

ΓΕΩΡΓΙΟΥ ΠΑΠΑΝΔΡΕΟΥ: Ενοικιάζεται κατάστημα επιφάνειας 60 τ.μ με πατάρι. Διαθέτει μεγάλη πρόσοψη και προσιτό ενοίκιο. Βρίσκεται επί της Γεωργίου Παπανδρέου στα Ιωάννινα . 1200€ - ΚΩΔ [Κ-3008] - VRESPITI - ΤΗΛ: 2651070084/70085. ΚΙΝ: 6949731839. Δ/νση: Φώτου Τζαβέλλα 11β.

ΔΩΔΩΝΗΣ: Ενοικιάζεται ισόγειο κατάστημα επιφάνειας 203 το οποίο αποτελείται από ισόγειο 80τ.μ. και υπόγειο 120τ.μ. Διαθέτει και μεγάλο ενδιαφέροντος χώρο. Βρίσκεται στη λεωφόρο Δωδώνης - Ιωαννίνων σε ένα από τα πιο εμπορικά σημεία. Κατάλληλο για σούπερ μάρκετ, φαρμακείο και πολλές επιχειρήσεις πλήρους διαμόρφωσης 3500€ ΚΩΔ [Κ-3918] - VRESPITI - ΤΗΛ: 2651070084/70085. ΚΙΝ: 6949731839. Δ/νση: Φώτου Τζαβέλλα 11β.

ΔΩΔΩΝΗΣ: Ενοικιάζεται καινούργιο διώροφο κατάστημα επιφάνειας 150 τμ. Αποτελείται από ισόγειο 100 τμ. με πατάρι 50 τμ. και υπόγειο επιφάνειας 200 τμ. Βρίσκεται στη Λεωφόρο Δωδώνης στα Ιωάννινα. 2500€ - ΚΩΔ [Κ-3463] - VRESPITI - ΤΗΛ: 2651070084/70085. ΚΙΝ: 6949731839. Δ/νση: Φώτου Τζαβέλλα 11β.

ΔΩΔΩΝΗΣ: Ενοικιάζεται ισόγειο κατάστημα κατασκευής 2009 συνολικής επιφάνειας 620 τ.μ Αποτελείται από ισόγειο 250 τ.μ με μεγάλη βιτρίνα, πατάρι 150 m με χώρο 3m και υπόγειο επιφάνειας 220 τ.μ. Βρίσκεται επί της οδού Δωδώνης στην Ιωάννινα σε ιδιόκτητο 20 m. 12.000€ - ΚΩΔ [Κ-2948] - VRESPITI - ΤΗΛ: 2651070084/70085. ΚΙΝ: 6949731839. Δ/νση: Φώτου Τζαβέλλα 11β.

ΔΩΔΩΝΗΣ: Ενοικιάζεται κυλικείο επιφάνειας 15 τ.μ. το οποίο βρίσκεται στην Λεωφόρο Δωδώνης στο κέντρο της πόλεως των Ιωαννίνων. 600€ - ΚΩΔ [Κ-2251] - VRESPITI - ΤΗΛ: 2651070084/70085. ΚΙΝ: 6949731839. Δ/νση: Φώτου Τζαβέλλα 11β.

ΔΩΔΩΝΗΣ: Ενοικιάζεται ισόγειο κατάστημα επιφάνειας 40τ.μ. Το οποίο βρίσκεται στην Λεωφόρο Δωδώνης στα Ιωάννινα. Διαθέσιμο από 1 Ιουλίου 2010. 850€ - ΚΩΔ [Κ-4230] - VRESPITI - ΤΗΛ: 2651070084/70085. ΚΙΝ: 6949731839. Δ/νση: Φώτου Τζαβέλλα 11β.

Ε.Ο. ΙΩΑΝΝΙΝΩΝ - ΑΘΗΝΩΝ: Ενοικιάζεται ισόγειο κατάστημα επιφάνειας 235 τ.μ. το οποίο βρίσκεται στο 1ο χλμ Ε.Ο Ιωαννίνων - Αθηνών. 2000€ - ΚΩΔ [Κ-3938] - VRESPITI - ΤΗΛ: 2651070084/70085. ΚΙΝ: 6949731839. Δ/νση: Φώτου Τζαβέλλα 11β.

Ε.Ο. ΙΩΑΝΝΙΝΩΝ - ΑΘΗΝΩΝ: Ενοικιάζεται ισόγειο κατάστημα επιφάνειας 200τ.μ. με εσωτερική ή πρόσοψη επιφάνειας 80 μ το οποίο βρίσκεται επί της Ε.Ο Ιωαννίνων - Αθηνών. Χωρίς πατάρι. 1300€ - ΚΩΔ [Κ-1579] - VRESPITI - ΤΗΛ: 2651070084/70085. ΚΙΝ: 6949731839. Δ/νση: Φώτου Τζαβέλλα 11β.

Ε.Ο. ΙΩΑΝΝΙΝΩΝ - ΗΓΟΥΜΕΝΙΤΣΑΣ: Ενοικιάζεται ισόγειο κατάστημα επιφάνειας 60 τ.μ επί της Ε.Ο Ιωαννίνων - Ηγουμενίτσας. 1000€ - ΚΩΔ [Κ-2290] - VRESPITI - ΤΗΛ: 2651070084/70085. ΚΙΝ: 6949731839. Δ/νση: Φώτου Τζαβέλλα 11β.

Ε.Ο. ΙΩΑΝΝΙΝΩΝ - ΗΓΟΥΜΕΝΙΤΣΑΣ: Ενοικιάζεται ισόγειο κατάστημα συνολικής επιφάνειας 1.400 τ.μ. Αποτελείται από ισόγειο επιφάνειας 500 τ.μ, υπόγειο επιφάνειας 400 τ.μ. και πατάρι 500 τ.μ. με πρόσοψη 74 mtt επί της Ε.Ο Ιωαννίνων - Ηγουμενίτσας. 4000€ - ΚΩΔ [Κ-3295] - VRESPITI - ΤΗΛ: 2651070084/70085. ΚΙΝ: 6949731839. Δ/νση: Φώτου Τζαβέλλα 11β.

Ε.Ο. ΙΩΑΝΝΙΝΩΝ - ΗΓΟΥΜΕΝΙΤΣΑΣ: Ενοικιάζεται ισόγειο κατάστημα επιφάνειας 70τ.μ. το οποίο βρίσκεται επί της Ε.Ο Ιωαννίνων - Ηγουμενίτσας 1.200€ - ΚΩΔ [Κ-4216] - VRESPITI - ΤΗΛ: 2651070084/70085. ΚΙΝ: 6949731839. Δ/νση: Φώτου Τζαβέλλα 11β.

Ε.Ο. ΙΩΑΝΝΙΝΩΝ - ΚΟΝΙΤΣΗΣ: Ενοικιάζεται ισόγειο κατάστημα επιφάνειας 600τ.μ το οποίο βρίσκεται επί της Ε.Ο. Ιωαννίνων - Κοζάνης 190.000€ - ΚΩΔ [Κ-3863] - 2000€ VRESPITI - ΤΗΛ: 2651070084/70085. ΚΙΝ: 6949731839. Δ/νση: Φώτου Τζαβέλλα 11β.

ΕΜΠΟΡΙΚΗ ΣΤΟΑ: Ενοικιάζεται καινούργιο κατάστημα επιφάνειας 31τ.μ το οποίο βρίσκεται σε εμπορική στοά στο κέντρο των Ιωαννίνων. 400€ - ΚΩΔ [Κ-3513] - VRESPITI - ΤΗΛ: 2651070084/70085. ΚΙΝ: 6949731839. Δ/νση: Φώτου Τζαβέλλα 11β.

ΕΜΠΟΡΙΚΗ ΣΤΟΑ: Ενοικιάζεται κατάστημα επιφάνειας 153τ.μ με πατάρι 102 τ.μ σε εμπορική στοά στο κέντρο των Ιωαννίνων. Κατάλληλο για χρήση καφετέριας - καφετέριας. Δίνεται όλο τον εξοπλισμό συνολικά 800€ ΚΙΝ: 6949731839. Δ/νση: Φώτου Τζαβέλλα 11β.
